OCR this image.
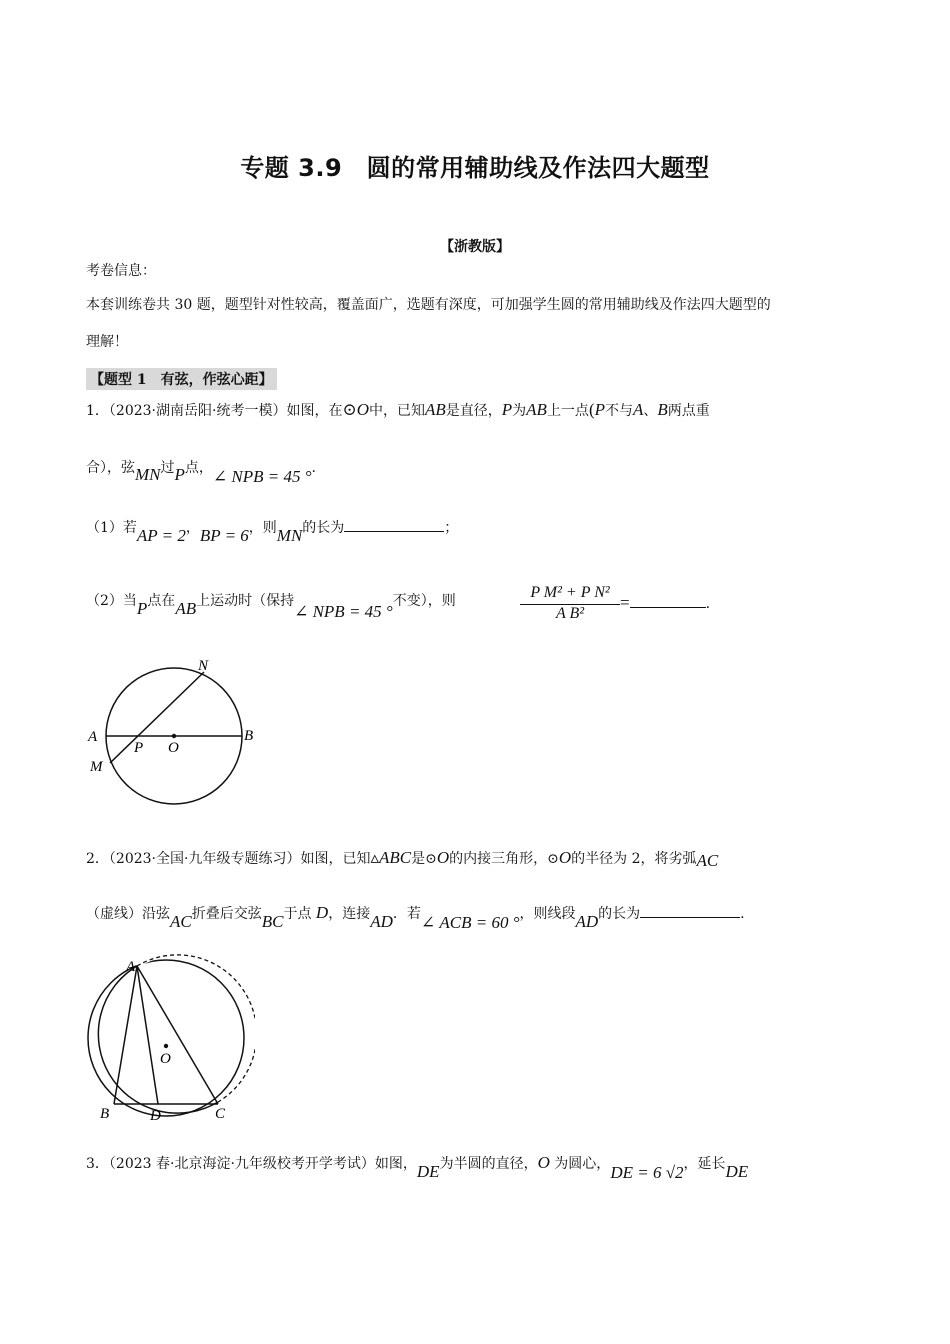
专题 3.9　圆的常用辅助线及作法四大题型
【浙教版】
考卷信息：
本套训练卷共 30 题，题型针对性较高，覆盖面广，选题有深度，可加强学生圆的常用辅助线及作法四大题型的
理解！
【题型 1　有弦，作弦心距】
1．（2023·湖南岳阳·统考一模）如图，在⊙O中，已知AB是直径，P为AB上一点(P不与A、B两点重
合），弦MN过P点，∠ NPB = 45 °.
（1）若AP = 2，BP = 6，则MN的长为	；
（2）当P点在AB上运动时（保持∠ NPB = 45 °不变），则	$\frac{\text{P M² + P N²}}{\text{A B²}}$ =	.
N
A
P O
B
M
2．（2023·全国·九年级专题练习）如图，已知▵ABC是⊙O的内接三角形，⊙O的半径为 2，将劣弧AC
（虚线）沿弦AC折叠后交弦BC于点 D，连接AD．若∠ ACB = 60 °，则线段AD的长为	.
A
O
B	D	C
3．（2023 春·北京海淀·九年级校考开学考试）如图，DE为半圆的直径，O 为圆心，DE = 6 √2，延长DE
